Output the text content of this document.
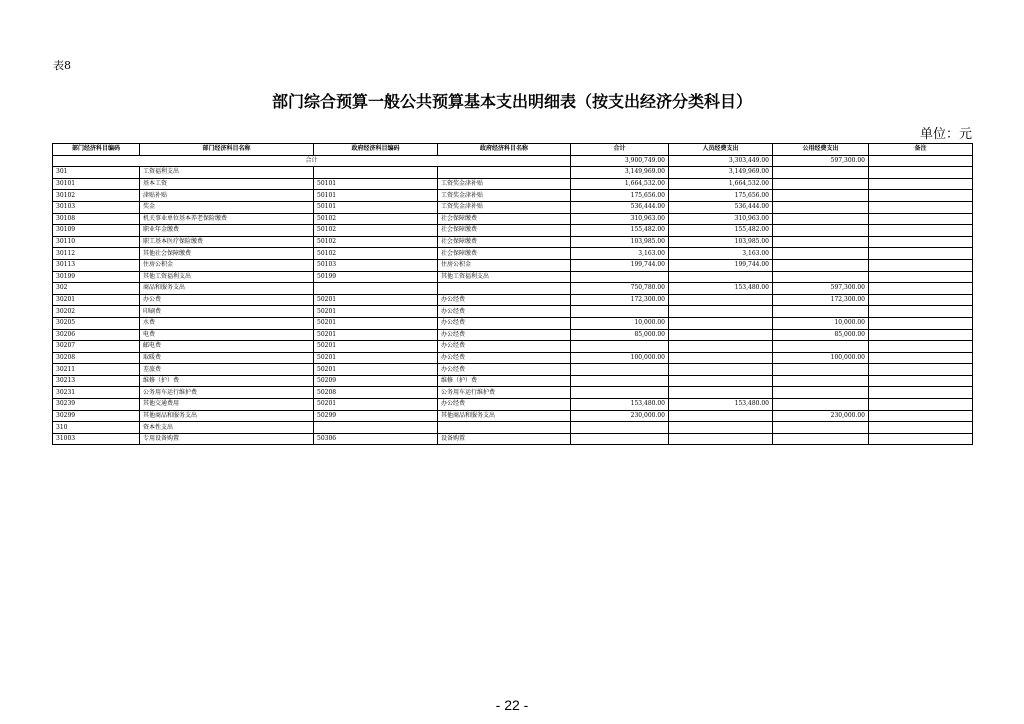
表8
部门综合预算一般公共预算基本支出明细表（按支出经济分类科目）
单位：元
部门经济科目编码	部门经济科目名称	政府经济科目编码	政府经济科目名称	合计	人员经费支出	公用经费支出	备注
合计				3,900,749.00	3,303,449.00	597,300.00	
301	工资福利支出			3,149,969.00	3,149,969.00		
30101	基本工资	50101	工资奖金津补贴	1,664,532.00	1,664,532.00		
30102	津贴补贴	50101	工资奖金津补贴	175,656.00	175,656.00		
30103	奖金	50101	工资奖金津补贴	536,444.00	536,444.00		
30108	机关事业单位基本养老保险缴费	50102	社会保障缴费	310,963.00	310,963.00		
30109	职业年金缴费	50102	社会保障缴费	155,482.00	155,482.00		
30110	职工基本医疗保险缴费	50102	社会保障缴费	103,985.00	103,985.00		
30112	其他社会保障缴费	50102	社会保障缴费	3,163.00	3,163.00		
30113	住房公积金	50103	住房公积金	199,744.00	199,744.00		
30199	其他工资福利支出	50199	其他工资福利支出				
302	商品和服务支出			750,780.00	153,480.00	597,300.00	
30201	办公费	50201	办公经费	172,300.00		172,300.00	
30202	印刷费	50201	办公经费				
30205	水费	50201	办公经费	10,000.00		10,000.00	
30206	电费	50201	办公经费	85,000.00		85,000.00	
30207	邮电费	50201	办公经费				
30208	取暖费	50201	办公经费	100,000.00		100,000.00	
30211	差旅费	50201	办公经费				
30213	维修（护）费	50209	维修（护）费				
30231	公务用车运行维护费	50208	公务用车运行维护费				
30239	其他交通费用	50201	办公经费	153,480.00	153,480.00		
30299	其他商品和服务支出	50299	其他商品和服务支出	230,000.00		230,000.00	
310	资本性支出						
31003	专用设备购置	50306	设备购置				
- 22 -
